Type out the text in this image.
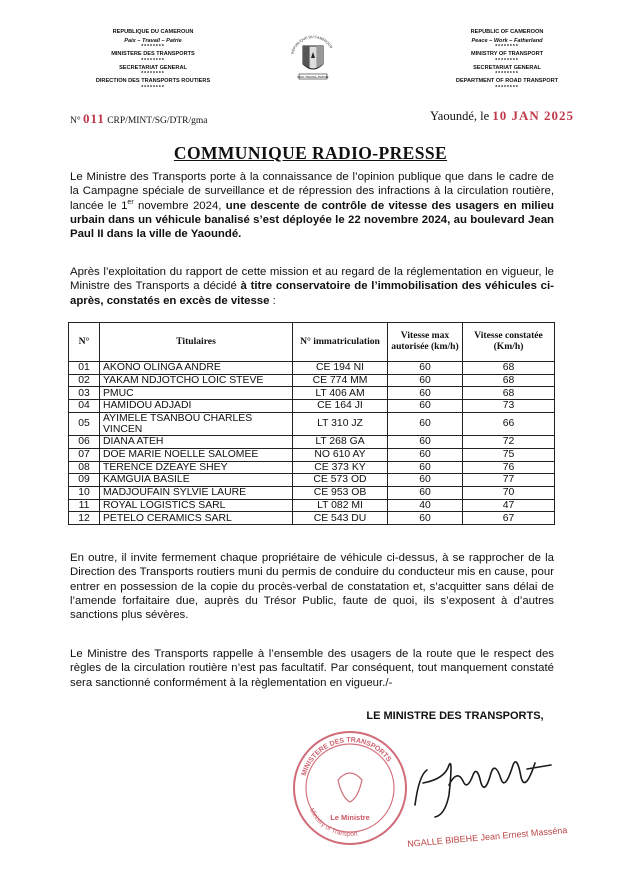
REPUBLIQUE DU CAMEROUN
Paix – Travail – Patrie
********
MINISTERE DES TRANSPORTS
********
SECRETARIAT GENERAL
********
DIRECTION DES TRANSPORTS ROUTIERS
********
REPUBLIQUE DU CAMEROUN
PAIX-TRAVAIL-PATRIE
REPUBLIC OF CAMEROON
Peace – Work – Fatherland
********
MINISTRY OF TRANSPORT
********
SECRETARIAT GENERAL
********
DEPARTMENT OF ROAD TRANSPORT
********
N° 011 CRP/MINT/SG/DTR/gma	Yaoundé, le 10 JAN 2025
COMMUNIQUE RADIO-PRESSE
Le Ministre des Transports porte à la connaissance de l’opinion publique que dans le cadre de la Campagne spéciale de surveillance et de répression des infractions à la circulation routière, lancée le 1er novembre 2024, une descente de contrôle de vitesse des usagers en milieu urbain dans un véhicule banalisé s’est déployée le 22 novembre 2024, au boulevard Jean Paul II dans la ville de Yaoundé.
Après l’exploitation du rapport de cette mission et au regard de la réglementation en vigueur, le Ministre des Transports a décidé à titre conservatoire de l’immobilisation des véhicules ci-après, constatés en excès de vitesse :
N°	Titulaires	N° immatriculation	Vitesse max autorisée (km/h)	Vitesse constatée (Km/h)
01	AKONO OLINGA ANDRE	CE 194 NI	60	68
02	YAKAM NDJOTCHO LOIC STEVE	CE 774 MM	60	68
03	PMUC	LT 406 AM	60	68
04	HAMIDOU ADJADI	CE 164 JI	60	73
05	AYIMELE TSANBOU CHARLES VINCEN	LT 310 JZ	60	66
06	DIANA ATEH	LT 268 GA	60	72
07	DOE MARIE NOELLE SALOMEE	NO 610 AY	60	75
08	TERENCE DZEAYE SHEY	CE 373 KY	60	76
09	KAMGUIA BASILE	CE 573 OD	60	77
10	MADJOUFAIN SYLVIE LAURE	CE 953 OB	60	70
11	ROYAL LOGISTICS SARL	LT 082 MI	40	47
12	PETELO CERAMICS SARL	CE 543 DU	60	67
En outre, il invite fermement chaque propriétaire de véhicule ci-dessus, à se rapprocher de la Direction des Transports routiers muni du permis de conduire du conducteur mis en cause, pour entrer en possession de la copie du procès-verbal de constatation et, s’acquitter sans délai de l’amende forfaitaire due, auprès du Trésor Public, faute de quoi, ils s’exposent à d’autres sanctions plus sévères.
Le Ministre des Transports rappelle à l’ensemble des usagers de la route que le respect des règles de la circulation routière n’est pas facultatif. Par conséquent, tout manquement constaté sera sanctionné conformément à la règlementation en vigueur./-
LE MINISTRE DES TRANSPORTS,
MINISTERE DES TRANSPORTS
Ministry of Transport
Le Ministre
NGALLE BIBEHE Jean Ernest Masséna
